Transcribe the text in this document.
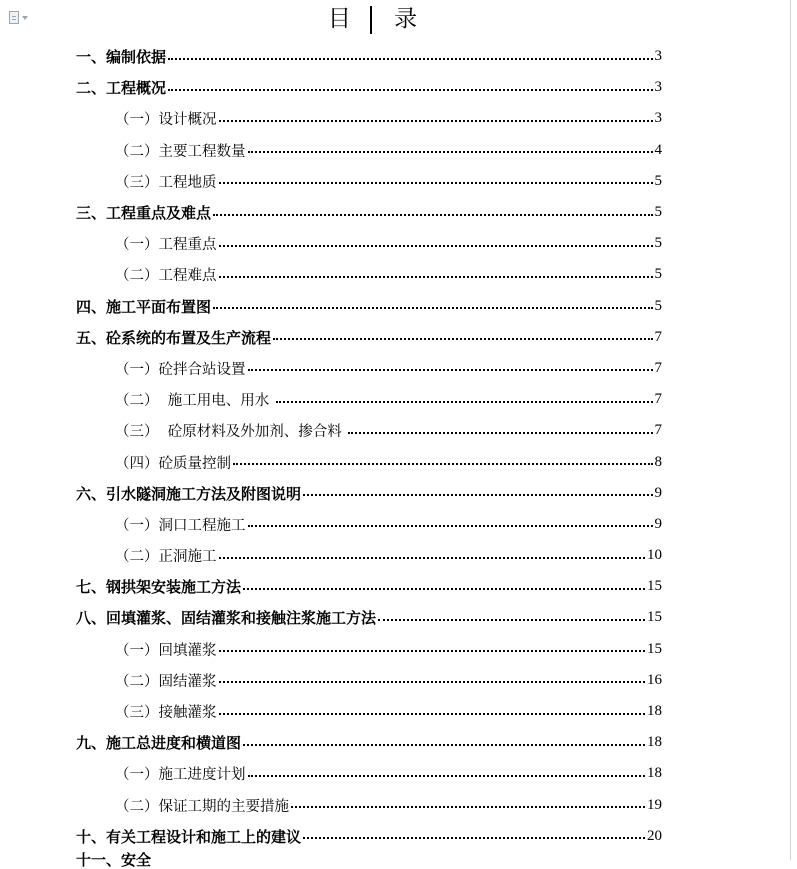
目 录
一、编制依据	3
二、工程概况	3
（一）设计概况	3
（二）主要工程数量	4
（三）工程地质	5
三、工程重点及难点	5
（一）工程重点	5
（二）工程难点	5
四、施工平面布置图	5
五、砼系统的布置及生产流程	7
（一）砼拌合站设置	7
（二）  施工用电、用水	7
（三）  砼原材料及外加剂、掺合料	7
（四）砼质量控制	8
六、引水隧洞施工方法及附图说明	9
（一）洞口工程施工	9
（二）正洞施工	10
七、钢拱架安装施工方法	15
八、回填灌浆、固结灌浆和接触注浆施工方法	15
（一）回填灌浆	15
（二）固结灌浆	16
（三）接触灌浆	18
九、施工总进度和横道图	18
（一）施工进度计划	18
（二）保证工期的主要措施	19
十、有关工程设计和施工上的建议	20
十一、安全
